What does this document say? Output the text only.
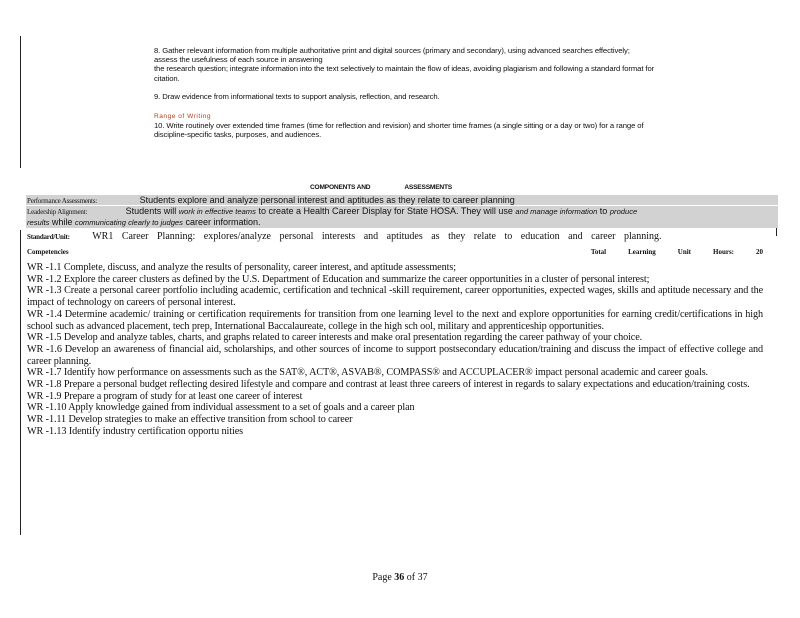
8. Gather relevant information from multiple authoritative print and digital sources (primary and secondary), using advanced searches effectively;
assess the usefulness of each source in answering
the research question; integrate information into the text selectively to maintain the flow of ideas, avoiding plagiarism and following a standard format for
citation.
9. Draw evidence from informational texts to support analysis, reflection, and research.
Range of Writing
10. Write routinely over extended time frames (time for reflection and revision) and shorter time frames (a single sitting or a day or two) for a range of
discipline-specific tasks, purposes, and audiences.
COMPONENTS AND	ASSESSMENTS
Performance Assessments:	Students explore and analyze personal interest and aptitudes as they relate to career planning
Leadership Alignment:	Students will work in effective teams to create a Health Career Display for State HOSA. They will use and manage information to produce
results while communicating clearly to judges career information.
Standard/Unit: WR1 Career Planning: explores/analyze personal interests and aptitudes as they relate to education and career planning.
Competencies	Total	Learning	Unit	Hours:	20
WR -1.1 Complete, discuss, and analyze the results of personality, career interest, and aptitude assessments;
WR -1.2 Explore the career clusters as defined by the U.S. Department of Education and summarize the career opportunities in a cluster of personal interest;
WR -1.3 Create a personal career portfolio including academic, certification and technical -skill requirement, career opportunities, expected wages, skills and aptitude necessary and the impact of technology on careers of personal interest.
WR -1.4 Determine academic/ training or certification requirements for transition from one learning level to the next and explore opportunities for earning credit/certifications in high school such as advanced placement, tech prep, International Baccalaureate, college in the high sch ool, military and apprenticeship opportunities.
WR -1.5 Develop and analyze tables, charts, and graphs related to career interests and make oral presentation regarding the career pathway of your choice.
WR -1.6 Develop an awareness of financial aid, scholarships, and other sources of income to support postsecondary education/training and discuss the impact of effective college and career planning.
WR -1.7 Identify how performance on assessments such as the SAT®, ACT®, ASVAB®, COMPASS® and ACCUPLACER® impact personal academic and career goals.
WR -1.8 Prepare a personal budget reflecting desired lifestyle and compare and contrast at least three careers of interest in regards to salary expectations and education/training costs.
WR -1.9 Prepare a program of study for at least one career of interest
WR -1.10 Apply knowledge gained from individual assessment to a set of goals and a career plan
WR -1.11 Develop strategies to make an effective transition from school to career
WR -1.13 Identify industry certification opportu nities
Page 36 of 37
